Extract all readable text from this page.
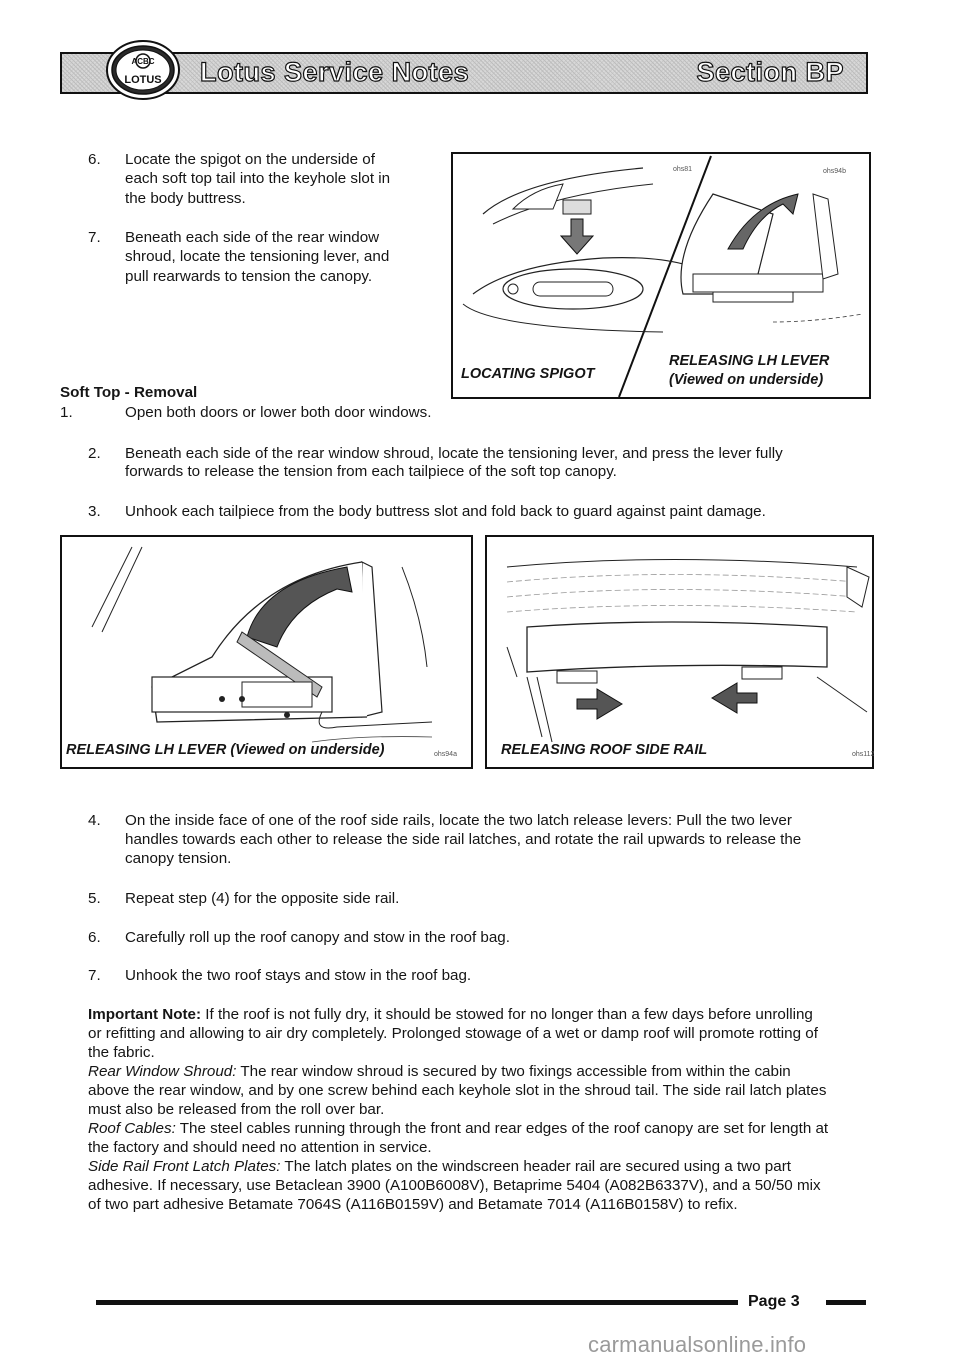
Lotus Service Notes	Section BP
ACBC
LOTUS
6. Locate the spigot on the underside of
each soft top tail into the keyhole slot in
the body buttress.
7. Beneath each side of the rear window
shroud, locate the tensioning lever, and
pull rearwards to tension the canopy.
ohs81	ohs94b
LOCATING SPIGOT
RELEASING LH LEVER
(Viewed on underside)
Soft Top - Removal
1.	Open both doors or lower both door windows.
2. Beneath each side of the rear window shroud, locate the tensioning lever, and press the lever fully
forwards to release the tension from each tailpiece of the soft top canopy.
3. Unhook each tailpiece from the body buttress slot and fold back to guard against paint damage.
RELEASING LH LEVER (Viewed on underside)	ohs94a	RELEASING ROOF SIDE RAIL	ohs112
4. On the inside face of one of the roof side rails, locate the two latch release levers: Pull the two lever
handles towards each other to release the side rail latches, and rotate the rail upwards to release the
canopy tension.
5. Repeat step (4) for the opposite side rail.
6. Carefully roll up the roof canopy and stow in the roof bag.
7. Unhook the two roof stays and stow in the roof bag.
Important Note: If the roof is not fully dry, it should be stowed for no longer than a few days before unrolling
or refitting and allowing to air dry completely. Prolonged stowage of a wet or damp roof will promote rotting of
the fabric.
Rear Window Shroud: The rear window shroud is secured by two fixings accessible from within the cabin
above the rear window, and by one screw behind each keyhole slot in the shroud tail. The side rail latch plates
must also be released from the roll over bar.
Roof Cables: The steel cables running through the front and rear edges of the roof canopy are set for length at
the factory and should need no attention in service.
Side Rail Front Latch Plates: The latch plates on the windscreen header rail are secured using a two part
adhesive. If necessary, use Betaclean 3900 (A100B6008V), Betaprime 5404 (A082B6337V), and a 50/50 mix
of two part adhesive Betamate 7064S (A116B0159V) and Betamate 7014 (A116B0158V) to refix.
Page 3
carmanualsonline.info
